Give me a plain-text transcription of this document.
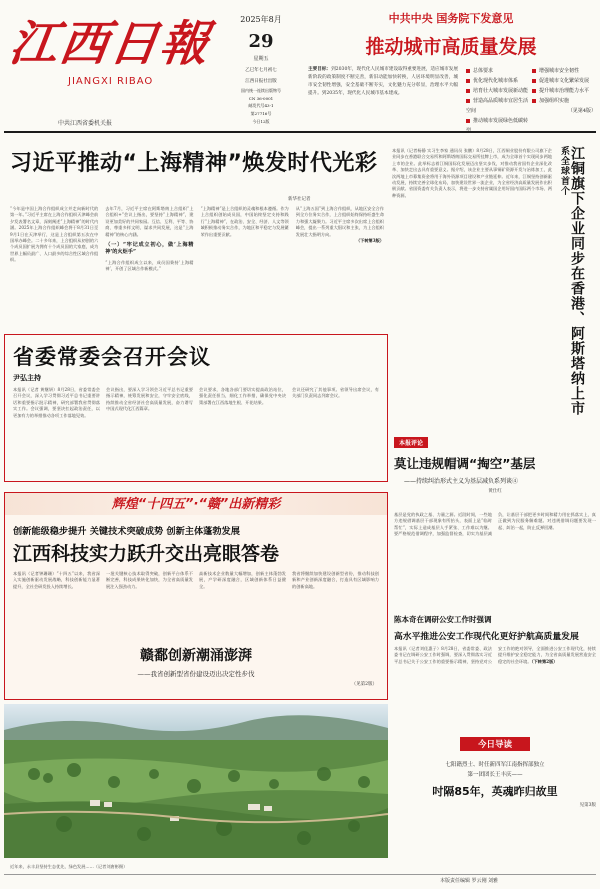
江西日報
JIANGXI RIBAO
中共江西省委机关报
2025年8月
29
星期五
乙巳年七月初七
江西日报社出版
国内统一连续出版物号
CN 36-0001
邮发代号43-1
第27716号
今日12版
中共中央 国务院下发意见
推动城市高质量发展
主要目标：到2030年，现代化人民城市建设取得重要进展，适应城市发展新阶段的政策制度不断完善，新旧动能加快转换，人居环境明显改善，城市安全韧性增强，安全基础不断夯实，文化魅力充分彰显，治理水平大幅提升。到2035年，现代化人民城市基本建成。
总体要求
优化现代化城市体系
培育壮大城市发展新动能
营造高品质城市宜居生活空间
推动城市发展绿色低碳转
增强城市安全韧性
促进城市文化繁荣发展
提升城市治理能力水平
加强组织实施
（见第4版）
习近平推动“上海精神”焕发时代光彩
新华社记者
“今年是中国上海合作组织成立并走向新时代的第一年。”习近平主席在上海合作组织天津峰会前夕发表署名文章，深刻阐述“上海精神”的时代内涵。2025年上海合作组织峰会将于8月31日至9月1日在天津举行，这是上合组织第五次在中国举办峰会。二十多年来，上合组织从初创的六个成员国扩展为拥有十个成员国的大家庭，成为世界上幅员最广、人口最多的综合性区域合作组织。
去年7月，习近平主席在阿斯塔纳上合组织“上合组织+”会议上指出，要坚持“上海精神”，建设更加美好的共同家园。互信、互利、平等、协商、尊重多样文明、谋求共同发展，这是“上海精神”的核心内涵。
（一）“牢记成立初心，做‘上海精神’的火炬手”
“上海合作组织成立以来，成员国秉持‘上海精神’，开创了区域合作新模式。”
“上海精神”是上合组织的灵魂和根本遵循。作为上合组织创始成员国，中国始终坚定支持和践行“上海精神”，在政治、安全、经济、人文等领域积极推动务实合作，为地区和平稳定与发展繁荣作出重要贡献。
从“上海五国”到上海合作组织，从地区安全合作到全方位务实合作，上合组织始终保持旺盛生命力和强大凝聚力。习近平主席多次出席上合组织峰会，提出一系列重大倡议和主张，为上合组织发展壮大指明方向。
（下转第3版）
省委常委会召开会议
尹弘主持
本报讯（记者 黄继妍）8月28日，省委常委会召开会议，深入学习贯彻习近平总书记重要讲话和重要指示批示精神，研究部署我省贯彻落实工作。会议强调，要坚决扛起政治责任，以更加有力的举措推动各项工作落地见效。
会议指出，要深入学习领会习近平总书记重要指示精神，统筹发展和安全，守牢安全底线，持续推动全省经济社会高质量发展，奋力谱写中国式现代化江西篇章。
会议要求，各地各部门要切实提高政治站位，强化责任担当，细化工作举措，确保党中央决策部署在江西落地生根、开花结果。
会议还研究了其他事项。省领导出席会议，有关部门负责同志列席会议。
本报讯（记者杨静 实习生李家 通讯员 张鹏）8月28日，江西铜业股份有限公司旗下企业同步在香港联合交易所和阿斯塔纳国际交易所挂牌上市，成为全球首个实现同步两地上市的企业。此举标志着江铜国际化发展迈出坚实步伐，对推动我省国有企业深化改革、加快走出去具有重要意义。据介绍，该企业主要从事铜矿资源开发与冶炼加工，此次两地上市募集资金将用于海外资源项目建设和产业链延伸。近年来，江铜坚持创新驱动发展，持续完善全球化布局，加快建设世界一流企业，为全省经济高质量发展作出积极贡献。省国资委有关负责人表示，将进一步支持省属国企用好国内国际两个市场、两种资源。	系全球首个 江铜旗下企业同步在香港、阿斯塔纳上市
本报评论
莫让违规帽调“掏空”基层
——持续纠治形式主义为基层减负系列谈④
黄仕红
基层是党的执政之基、力量之源。近段时间，一些地方违规借调基层干部现象有所抬头，表面上是“临时帮忙”，实际上造成基层人手紧张、工作难以为继。要严格规范借调程序，加强监督检查，切实为基层减负，让基层干部把更多时间和精力用在抓落实上，真正做到为民服务解难题。对违规借调问题要发现一起、纠治一起，防止反弹回潮。
陈本奇在调研公安工作时强调
高水平推进公安工作现代化更好护航高质量发展
本报讯（记者刘佳惠子）8月28日，省委常委、政法委书记在调研公安工作时强调，要深入贯彻落实习近平总书记关于公安工作的重要指示精神，坚持党对公安工作的绝对领导，全面推进公安工作现代化，持续提升维护安全稳定能力，为全省高质量发展营造安全稳定的社会环境。（下转第2版）
今日导读
七阳籍烈士、时任新四军江南指挥部独立
第一团团长王丰庆——
吋隔85年，英魂昨归故里
见第3版
辉煌“十四五”·“赣”出新精彩
创新能级稳步提升 关键技术突破成势 创新主体蓬勃发展
江西科技实力跃升交出亮眼答卷
本报讯（记者钟珊珊）“十四五”以来，我省深入实施创新驱动发展战略，科技创新能力显著提升，全社会研发投入持续增长。
一批关键核心技术取得突破，创新平台体系不断完善，科技成果转化加快，为全省高质量发展注入强劲动力。
高新技术企业数量大幅增加，创新主体蓬勃发展，产学研深度融合，区域创新体系日益健全。
我省将继续加快建设创新型省份，推动科技创新和产业创新深度融合，打造具有区域影响力的创新高地。
赣鄱创新潮涌澎湃
——我省创新型省份建设迈出决定性步伐
（见第2版）
近年来，永丰县坚持生态优先、绿色发展……（记者刘唐彬摄）
本版责任编辑 罗云刚 刘雅
